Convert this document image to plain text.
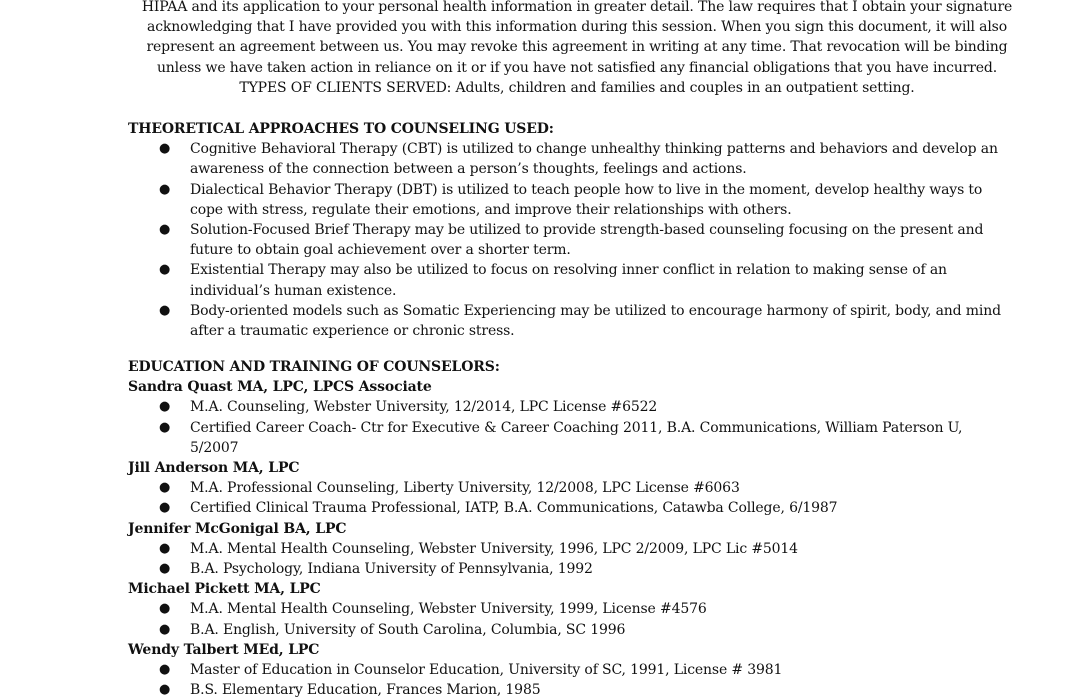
HIPAA and its application to your personal health information in greater detail. The law requires that I obtain your signature

acknowledging that I have provided you with this information during this session. When you sign this document, it will also

represent an agreement between us. You may revoke this agreement in writing at any time. That revocation will be binding

unless we have taken action in reliance on it or if you have not satisfied any financial obligations that you have incurred.

TYPES OF CLIENTS SERVED: Adults, children and families and couples in an outpatient setting.

THEORETICAL APPROACHES TO COUNSELING USED:

● Cognitive Behavioral Therapy (CBT) is utilized to change unhealthy thinking patterns and behaviors and develop an awareness of the connection between a person’s thoughts, feelings and actions.
● Dialectical Behavior Therapy (DBT) is utilized to teach people how to live in the moment, develop healthy ways to cope with stress, regulate their emotions, and improve their relationships with others.
● Solution-Focused Brief Therapy may be utilized to provide strength-based counseling focusing on the present and future to obtain goal achievement over a shorter term.
● Existential Therapy may also be utilized to focus on resolving inner conflict in relation to making sense of an individual’s human existence.
● Body-oriented models such as Somatic Experiencing may be utilized to encourage harmony of spirit, body, and mind after a traumatic experience or chronic stress.

EDUCATION AND TRAINING OF COUNSELORS:

Sandra Quast MA, LPC, LPCS Associate

● M.A. Counseling, Webster University, 12/2014, LPC License #6522
● Certified Career Coach- Ctr for Executive & Career Coaching 2011, B.A. Communications, William Paterson U, 5/2007

Jill Anderson MA, LPC

● M.A. Professional Counseling, Liberty University, 12/2008, LPC License #6063
● Certified Clinical Trauma Professional, IATP, B.A. Communications, Catawba College, 6/1987

Jennifer McGonigal BA, LPC

● M.A. Mental Health Counseling, Webster University, 1996, LPC 2/2009, LPC Lic #5014
● B.A. Psychology, Indiana University of Pennsylvania, 1992

Michael Pickett MA, LPC

● M.A. Mental Health Counseling, Webster University, 1999, License #4576
● B.A. English, University of South Carolina, Columbia, SC 1996

Wendy Talbert MEd, LPC

● Master of Education in Counselor Education, University of SC, 1991, License # 3981
● B.S. Elementary Education, Frances Marion, 1985
